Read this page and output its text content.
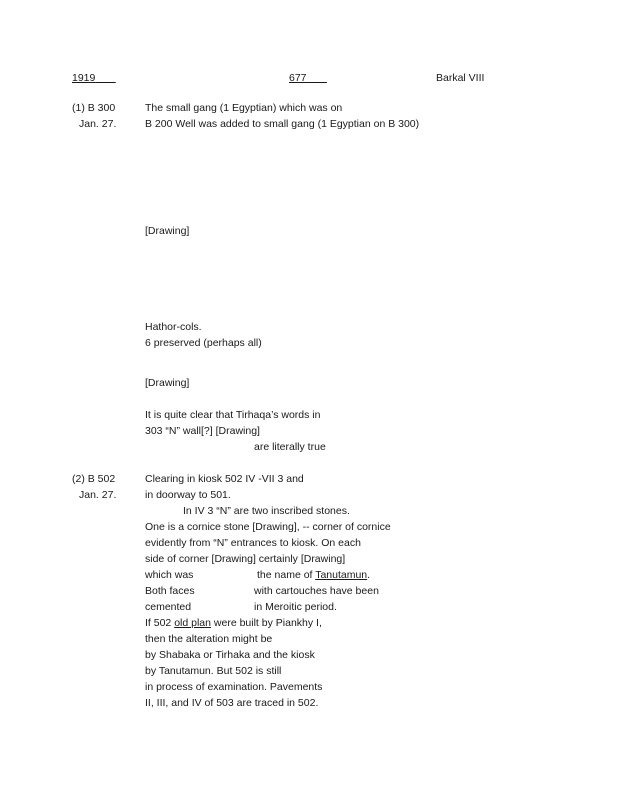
1919	677	Barkal VIII
(1) B 300
Jan. 27.
The small gang (1 Egyptian) which was on
B 200 Well was added to small gang (1 Egyptian on B 300)
[Drawing]
Hathor-cols.
6 preserved (perhaps all)
[Drawing]
It is quite clear that Tirhaqa’s words in
303 “N” wall[?] [Drawing]
are literally true
(2) B 502
Jan. 27.
Clearing in kiosk 502 IV -VII 3 and
in doorway to 501.
In IV 3 “N” are two inscribed stones.
One is a cornice stone [Drawing], -- corner of cornice
evidently from “N” entrances to kiosk. On each
side of corner [Drawing] certainly [Drawing]
which was	the name of Tanutamun.
Both faces	with cartouches have been
cemented	in Meroitic period.
If 502 old plan were built by Piankhy I,
then the alteration might be
by Shabaka or Tirhaka and the kiosk
by Tanutamun. But 502 is still
in process of examination. Pavements
II, III, and IV of 503 are traced in 502.
